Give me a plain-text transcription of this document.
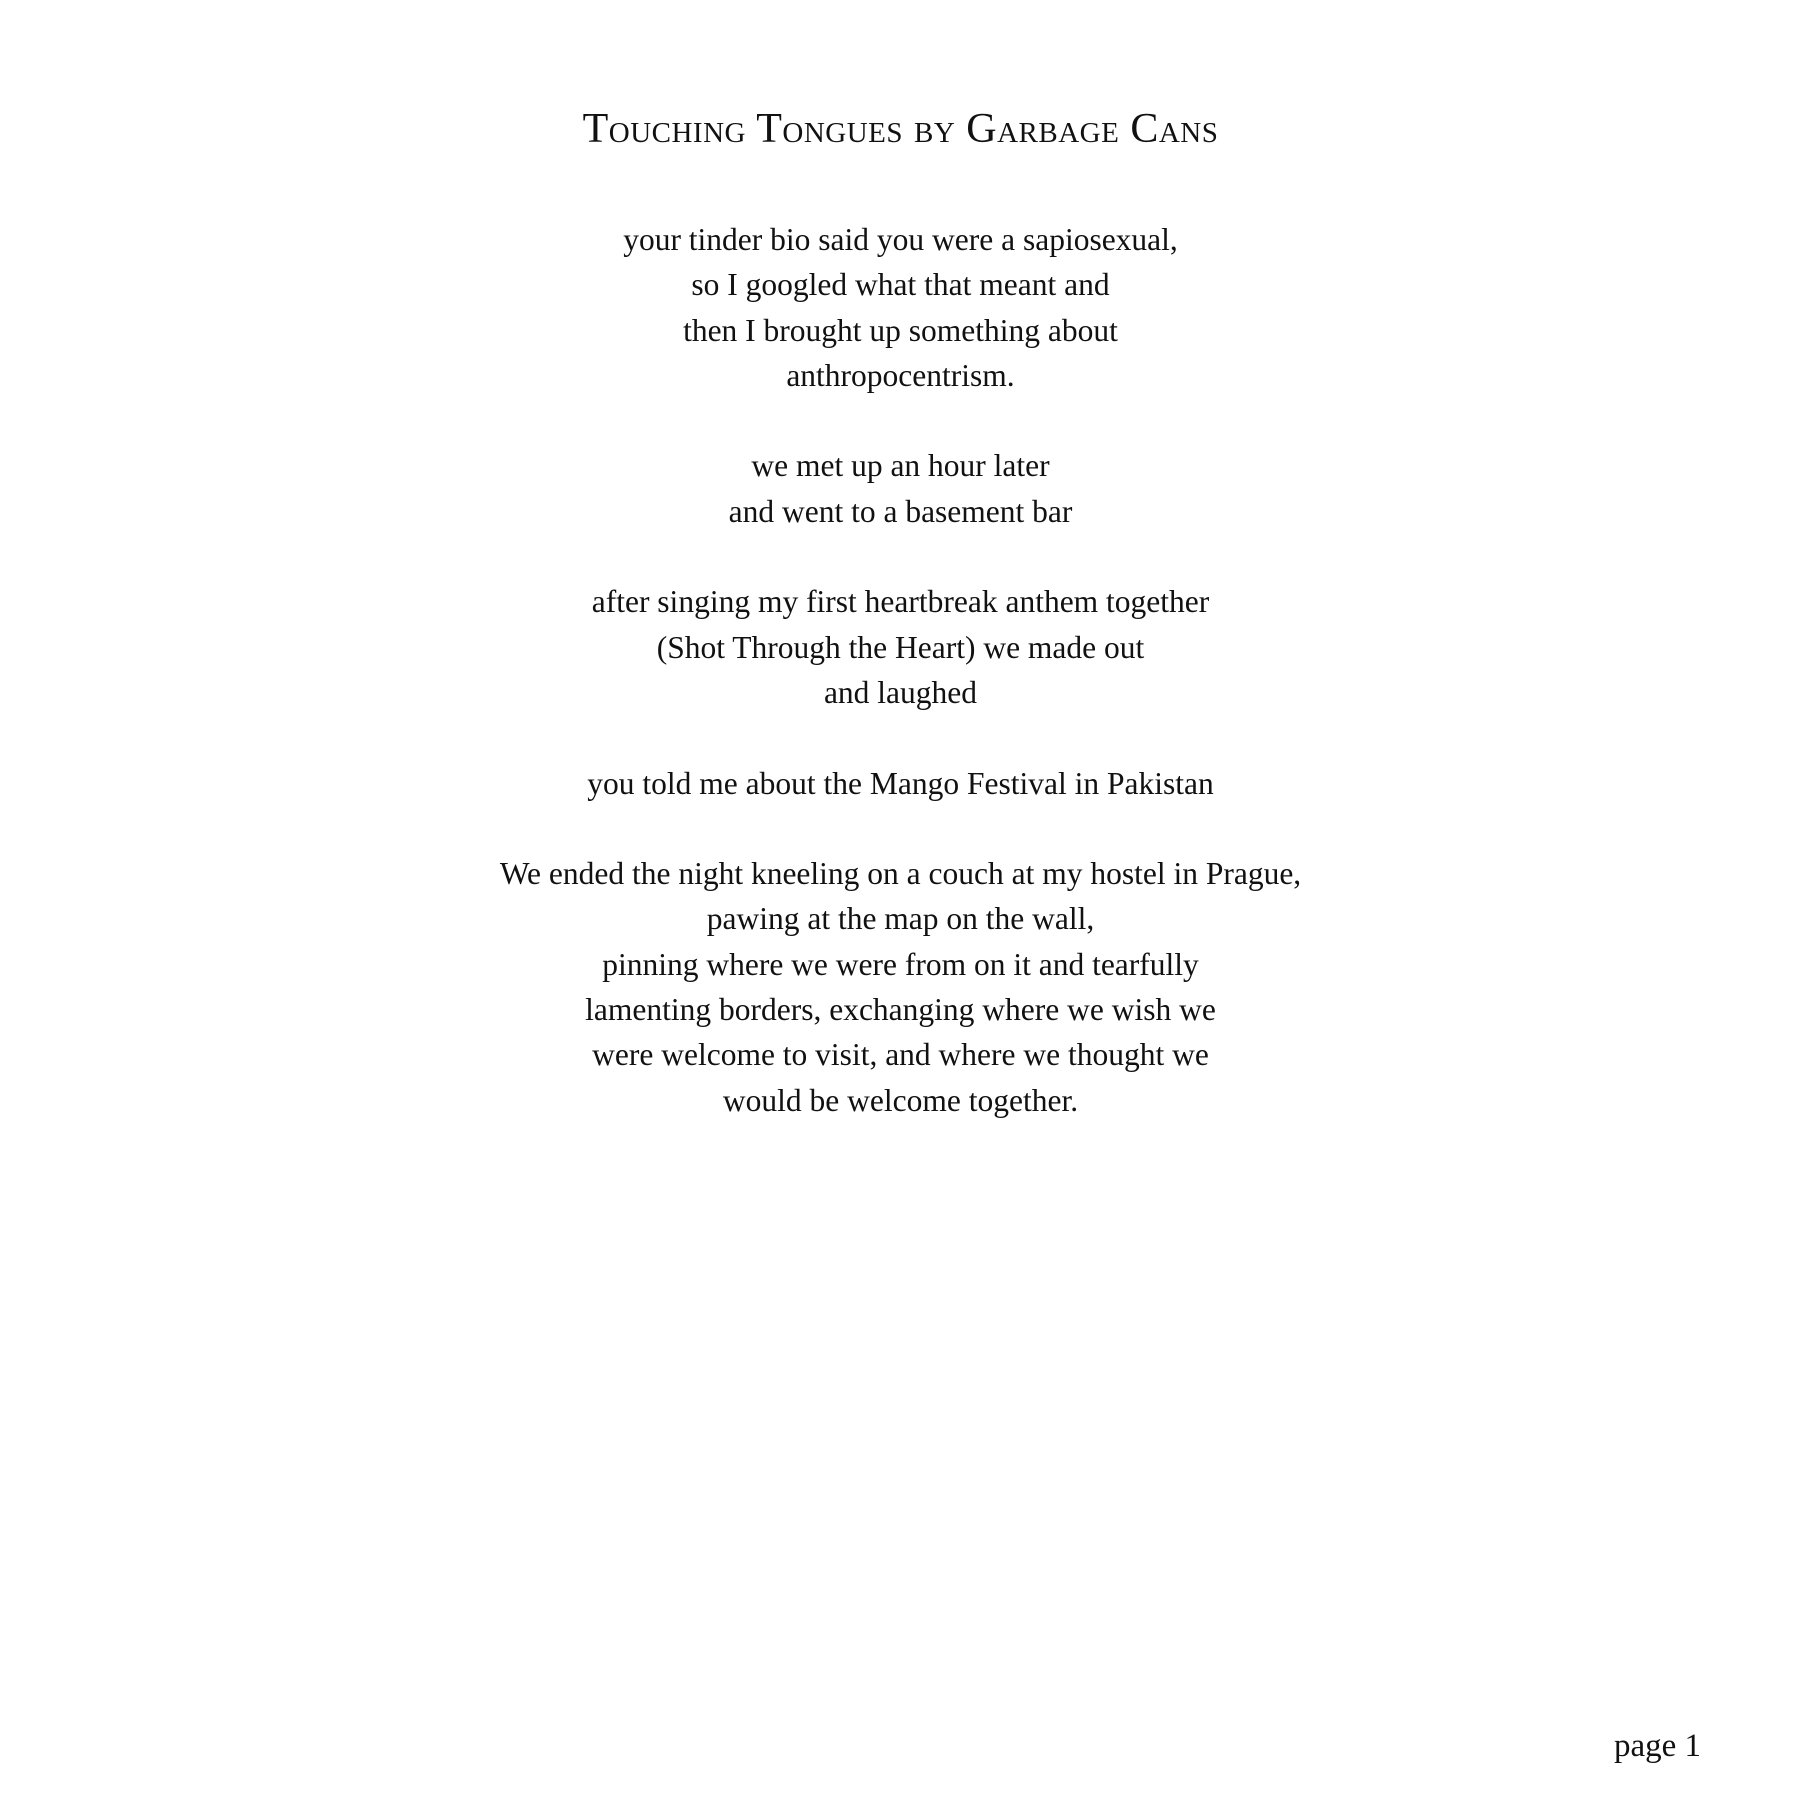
Touching Tongues by Garbage Cans
your tinder bio said you were a sapiosexual,
so I googled what that meant and
then I brought up something about
anthropocentrism.
we met up an hour later
and went to a basement bar
after singing my first heartbreak anthem together
(Shot Through the Heart) we made out
and laughed
you told me about the Mango Festival in Pakistan
We ended the night kneeling on a couch at my hostel in Prague,
pawing at the map on the wall,
pinning where we were from on it and tearfully
lamenting borders, exchanging where we wish we
were welcome to visit, and where we thought we
would be welcome together.
page 1
